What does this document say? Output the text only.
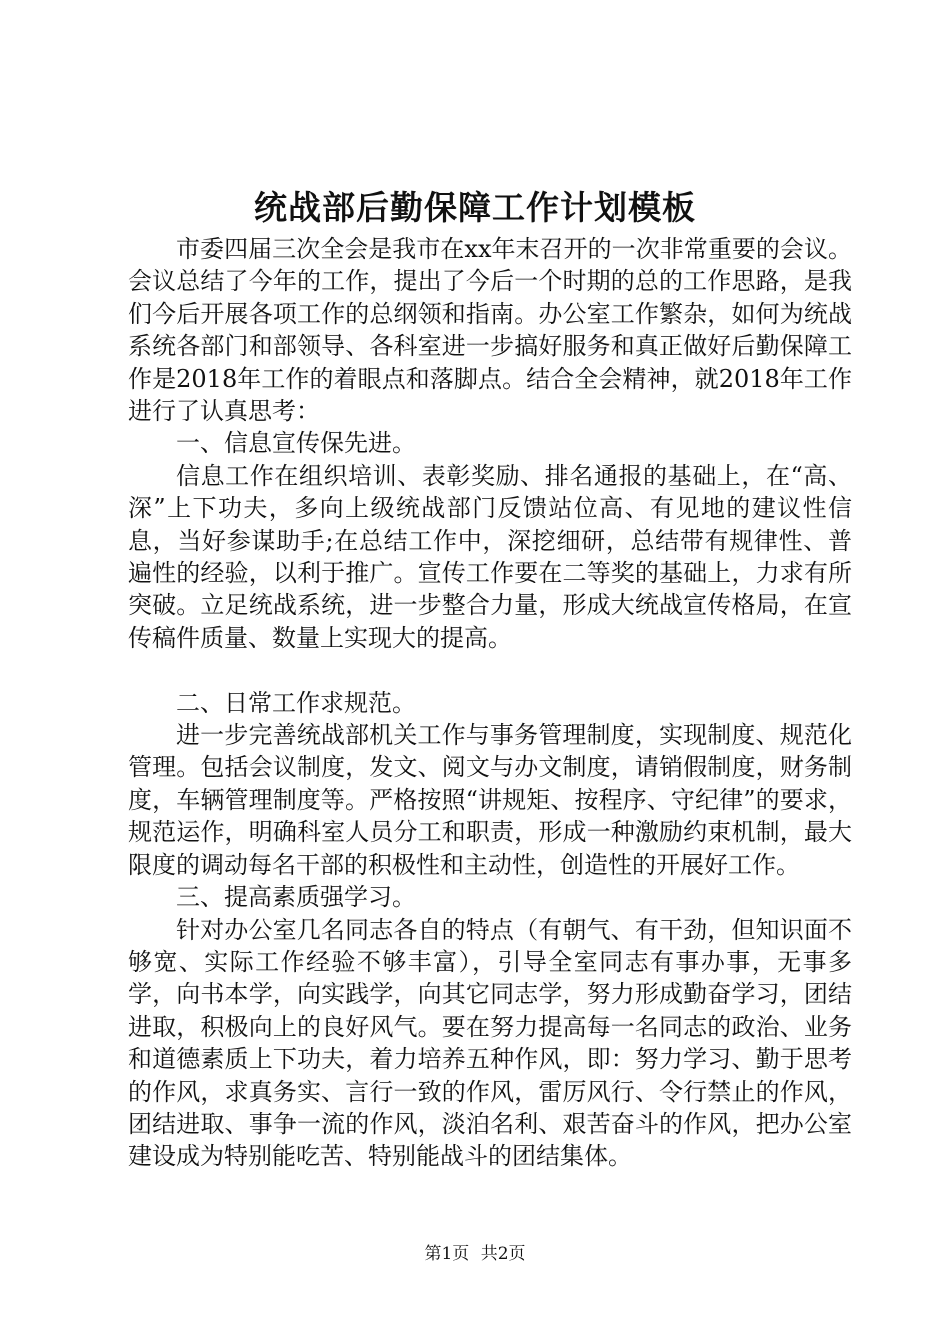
统战部后勤保障工作计划模板

市委四届三次全会是我市在xx年末召开的一次非常重要的会议。会议总结了今年的工作，提出了今后一个时期的总的工作思路，是我们今后开展各项工作的总纲领和指南。办公室工作繁杂，如何为统战系统各部门和部领导、各科室进一步搞好服务和真正做好后勤保障工作是2018年工作的着眼点和落脚点。结合全会精神，就2018年工作进行了认真思考：

一、信息宣传保先进。

信息工作在组织培训、表彰奖励、排名通报的基础上，在“高、深”上下功夫，多向上级统战部门反馈站位高、有见地的建议性信息，当好参谋助手;在总结工作中，深挖细研，总结带有规律性、普遍性的经验，以利于推广。宣传工作要在二等奖的基础上，力求有所突破。立足统战系统，进一步整合力量，形成大统战宣传格局，在宣传稿件质量、数量上实现大的提高。

二、日常工作求规范。

进一步完善统战部机关工作与事务管理制度，实现制度、规范化管理。包括会议制度，发文、阅文与办文制度，请销假制度，财务制度，车辆管理制度等。严格按照“讲规矩、按程序、守纪律”的要求，规范运作，明确科室人员分工和职责，形成一种激励约束机制，最大限度的调动每名干部的积极性和主动性，创造性的开展好工作。

三、提高素质强学习。

针对办公室几名同志各自的特点（有朝气、有干劲，但知识面不够宽、实际工作经验不够丰富），引导全室同志有事办事，无事多学，向书本学，向实践学，向其它同志学，努力形成勤奋学习，团结进取，积极向上的良好风气。要在努力提高每一名同志的政治、业务和道德素质上下功夫，着力培养五种作风，即：努力学习、勤于思考的作风，求真务实、言行一致的作风，雷厉风行、令行禁止的作风，团结进取、事争一流的作风，淡泊名利、艰苦奋斗的作风，把办公室建设成为特别能吃苦、特别能战斗的团结集体。

第1页 共2页
